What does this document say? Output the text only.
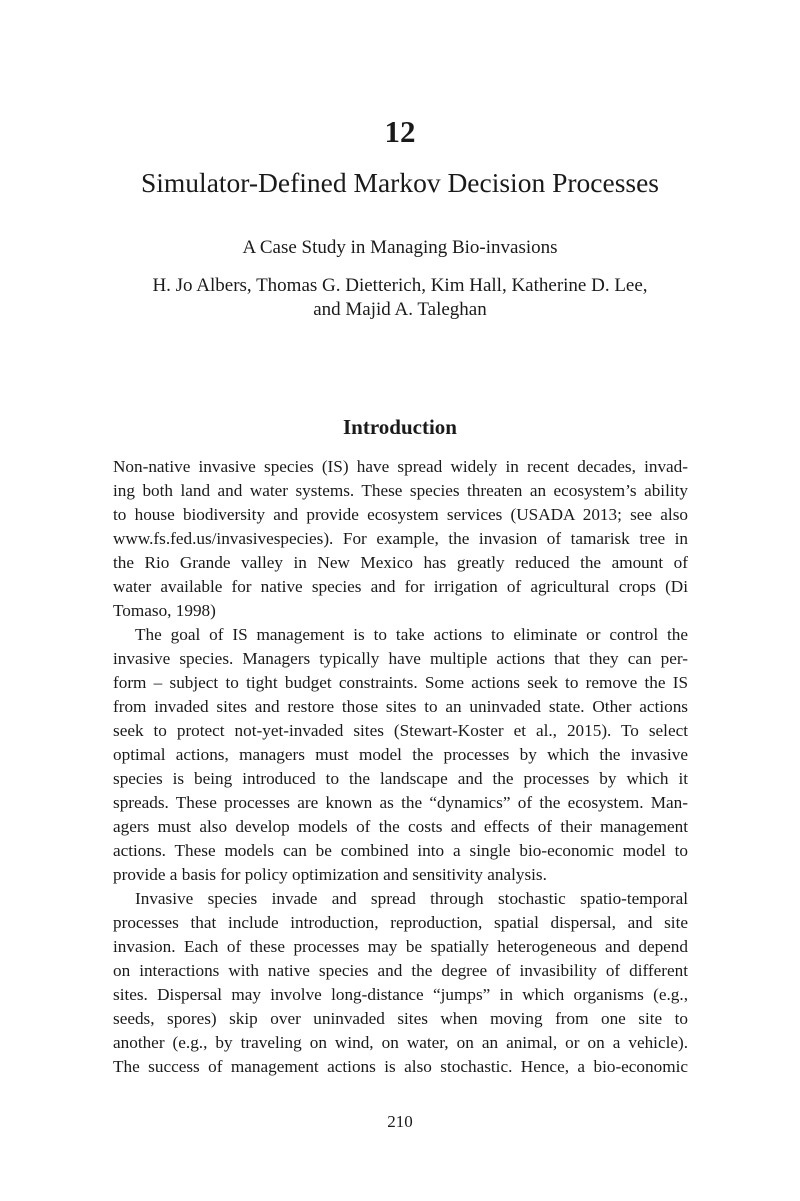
12
Simulator-Defined Markov Decision Processes
A Case Study in Managing Bio-invasions
H. Jo Albers, Thomas G. Dietterich, Kim Hall, Katherine D. Lee,
and Majid A. Taleghan
Introduction
Non-native invasive species (IS) have spread widely in recent decades, invad-
ing both land and water systems. These species threaten an ecosystem’s ability
to house biodiversity and provide ecosystem services (USADA 2013; see also
www.fs.fed.us/invasivespecies). For example, the invasion of tamarisk tree in
the Rio Grande valley in New Mexico has greatly reduced the amount of
water available for native species and for irrigation of agricultural crops (Di
Tomaso, 1998)
The goal of IS management is to take actions to eliminate or control the
invasive species. Managers typically have multiple actions that they can per-
form – subject to tight budget constraints. Some actions seek to remove the IS
from invaded sites and restore those sites to an uninvaded state. Other actions
seek to protect not-yet-invaded sites (Stewart-Koster et al., 2015). To select
optimal actions, managers must model the processes by which the invasive
species is being introduced to the landscape and the processes by which it
spreads. These processes are known as the “dynamics” of the ecosystem. Man-
agers must also develop models of the costs and effects of their management
actions. These models can be combined into a single bio-economic model to
provide a basis for policy optimization and sensitivity analysis.
Invasive species invade and spread through stochastic spatio-temporal
processes that include introduction, reproduction, spatial dispersal, and site
invasion. Each of these processes may be spatially heterogeneous and depend
on interactions with native species and the degree of invasibility of different
sites. Dispersal may involve long-distance “jumps” in which organisms (e.g.,
seeds, spores) skip over uninvaded sites when moving from one site to
another (e.g., by traveling on wind, on water, on an animal, or on a vehicle).
The success of management actions is also stochastic. Hence, a bio-economic
210
